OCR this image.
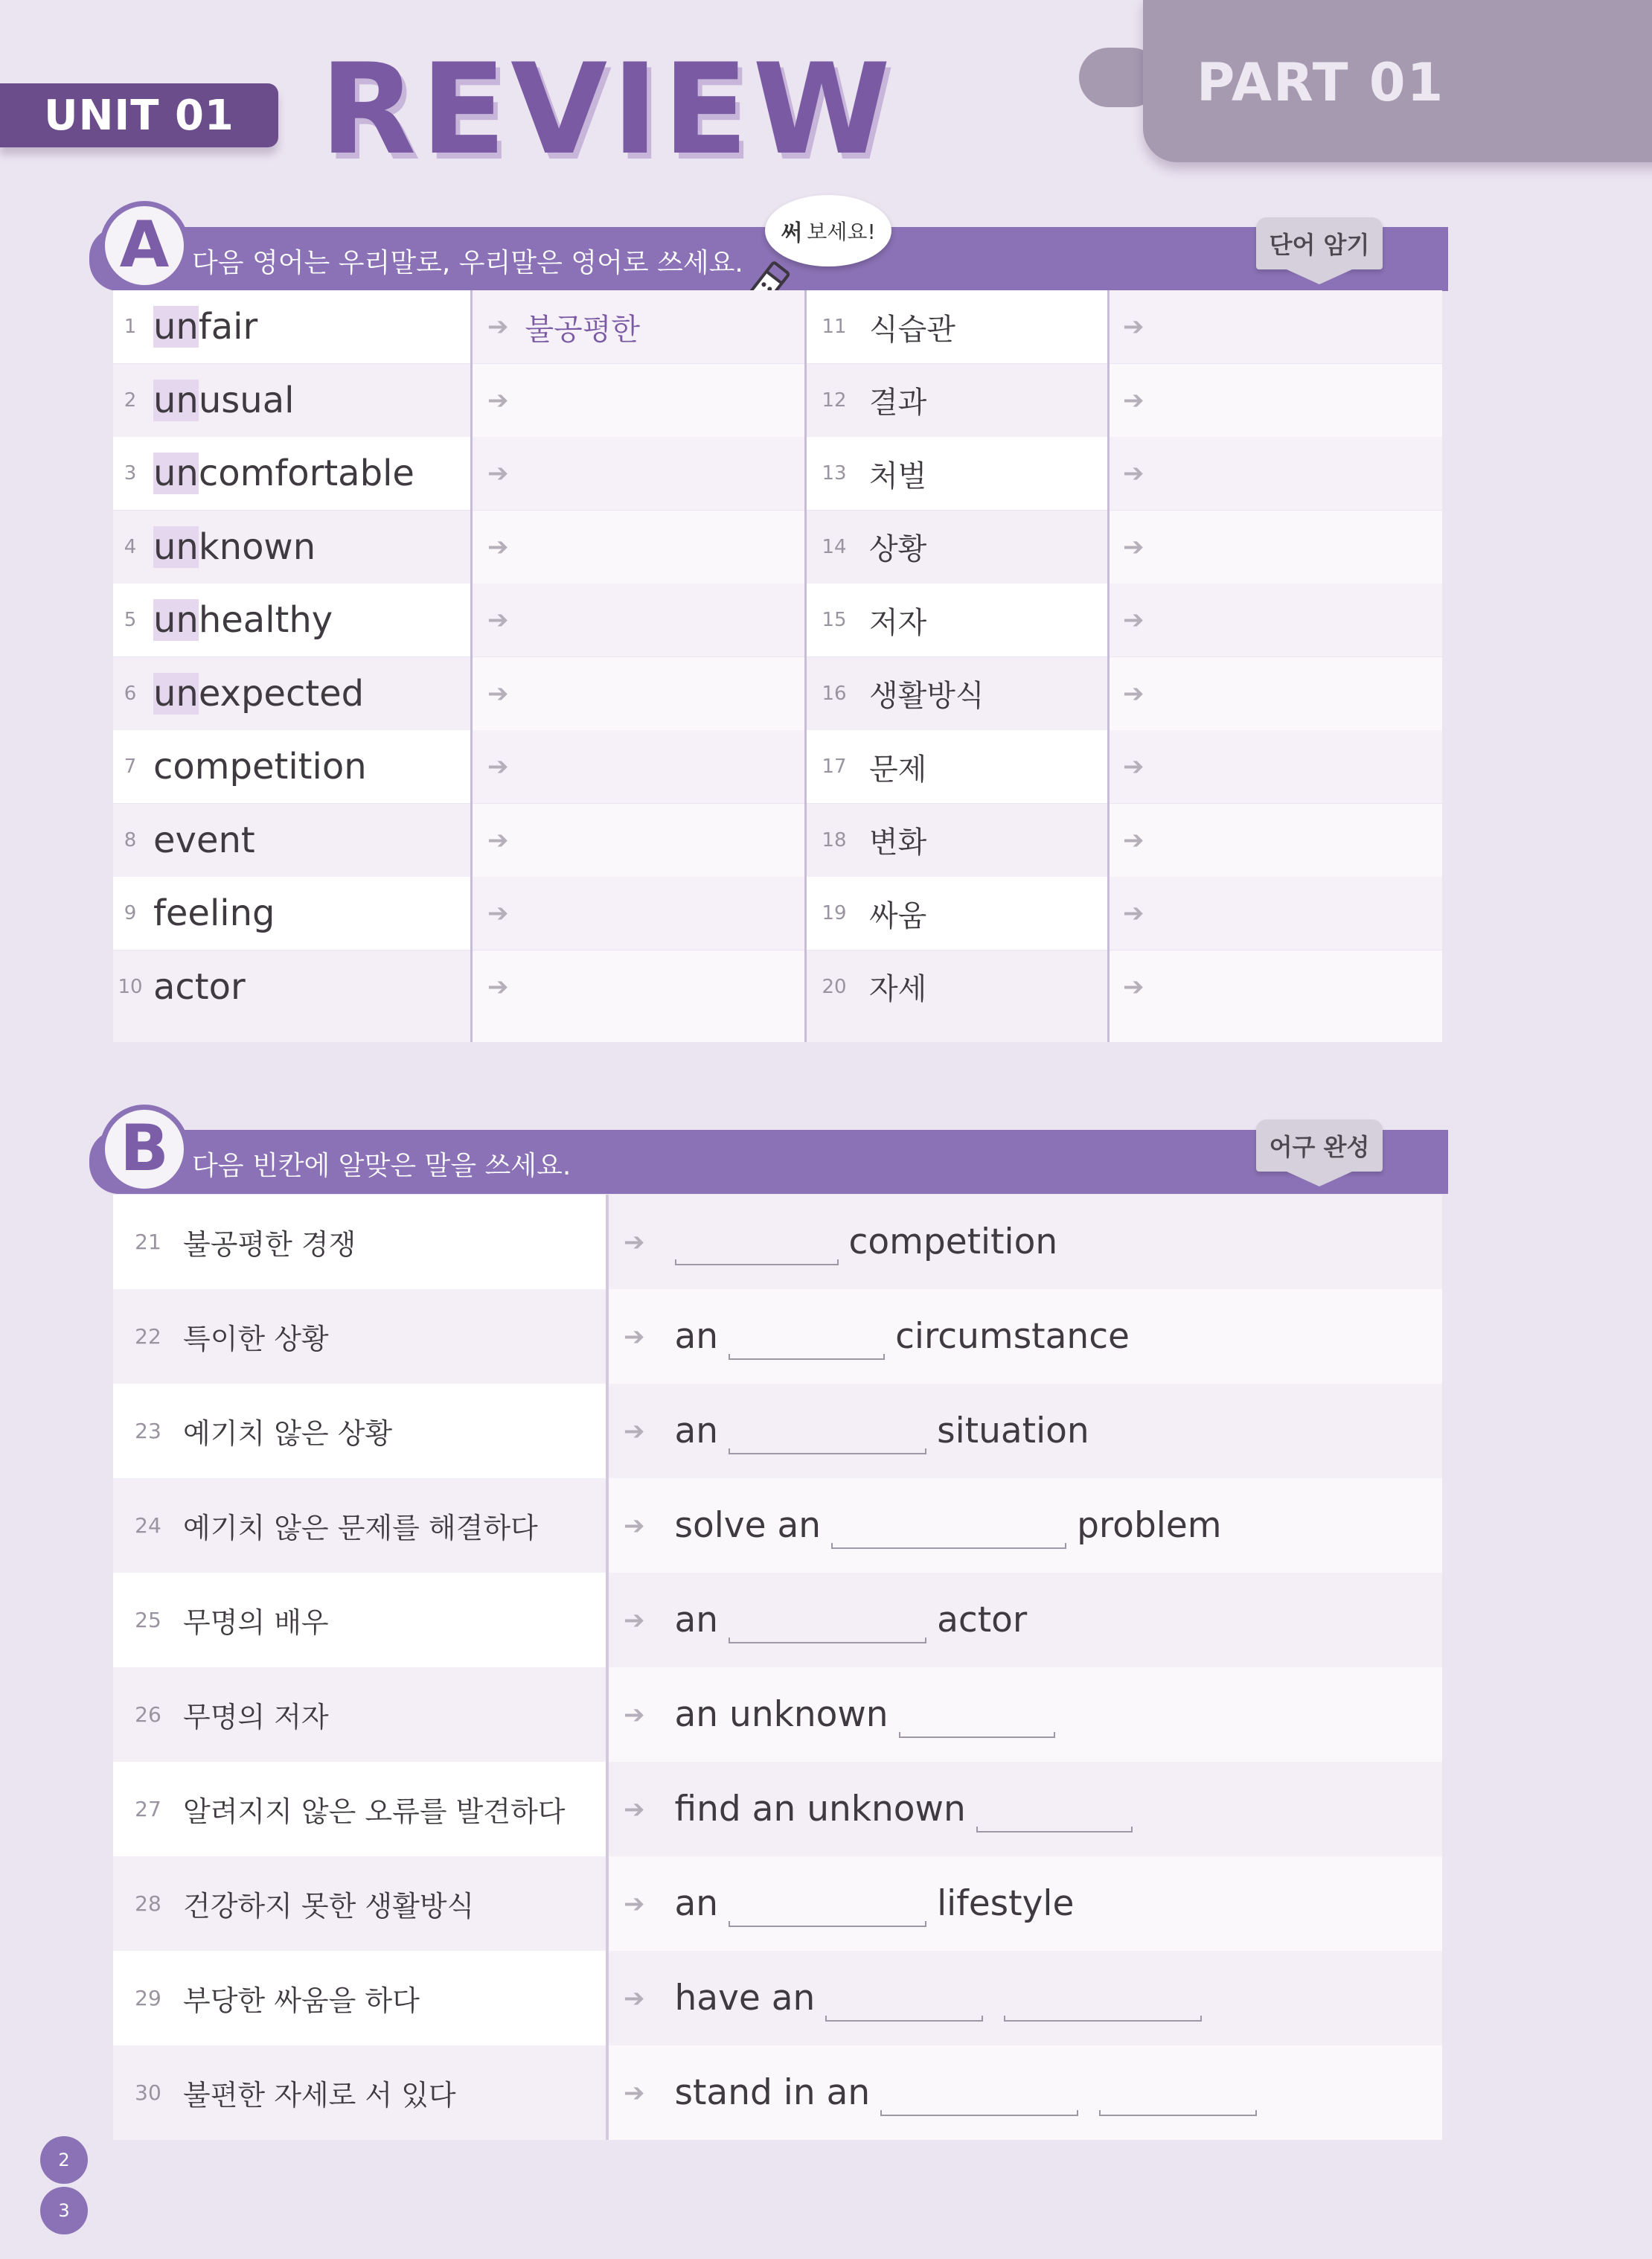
UNIT 01 REVIEW	PART 01
A 다음 영어는 우리말로, 우리말은 영어로 쓰세요.
단어 암기
써 보세요!
1 unfair	➔ 불공평한	11 식습관	➔
2 unusual	➔	12 결과	➔
3 uncomfortable	➔	13 처벌	➔
4 unknown	➔	14 상황	➔
5 unhealthy	➔	15 저자	➔
6 unexpected	➔	16 생활방식	➔
7 competition	➔	17 문제	➔
8 event	➔	18 변화	➔
9 feeling	➔	19 싸움	➔
10 actor	➔	20 자세	➔
B 다음 빈칸에 알맞은 말을 쓰세요.
어구 완성
21 불공평한 경쟁	➔	competition
22 특이한 상황	➔ an	circumstance
23 예기치 않은 상황	➔ an	situation
24 예기치 않은 문제를 해결하다	➔ solve an	problem
25 무명의 배우	➔ an	actor
26 무명의 저자	➔ an unknown
27 알려지지 않은 오류를 발견하다 ➔ find an unknown
28 건강하지 못한 생활방식	➔ an	lifestyle
29 부당한 싸움을 하다	➔ have an
30 불편한 자세로 서 있다	➔ stand in an
2
3
